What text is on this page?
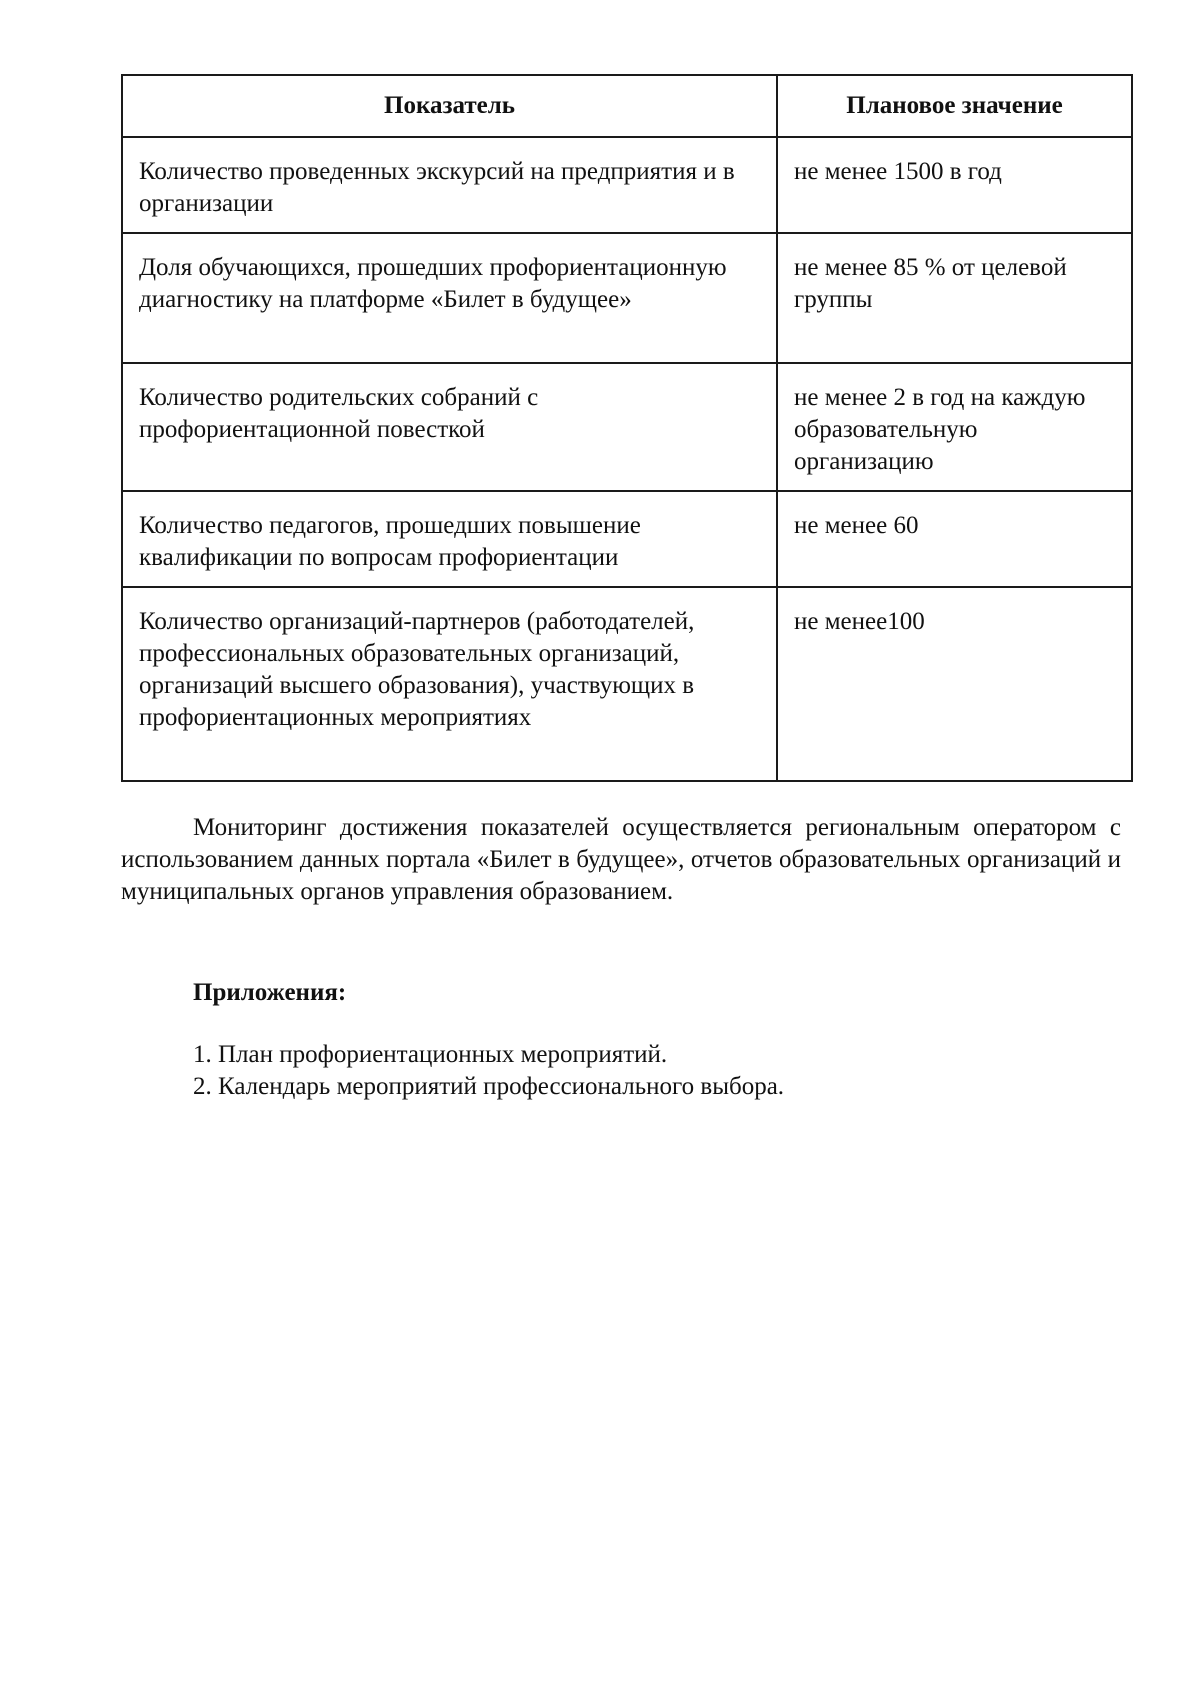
Показатель	Плановое значение
Количество проведенных экскурсий на предприятия и в организации	не менее 1500 в год
Доля обучающихся, прошедших профориентационную диагностику на платформе «Билет в будущее»	не менее 85 % от целевой группы
Количество родительских собраний с профориентационной повесткой	не менее 2 в год на каждую образовательную организацию
Количество педагогов, прошедших повышение квалификации по вопросам профориентации	не менее 60
Количество организаций-партнеров (работодателей, профессиональных образовательных организаций, организаций высшего образования), участвующих в профориентационных мероприятиях	не менее100

Мониторинг достижения показателей осуществляется региональным оператором с использованием данных портала «Билет в будущее», отчетов образовательных организаций и муниципальных органов управления образованием.

Приложения:

1. План профориентационных мероприятий.
2. Календарь мероприятий профессионального выбора.
